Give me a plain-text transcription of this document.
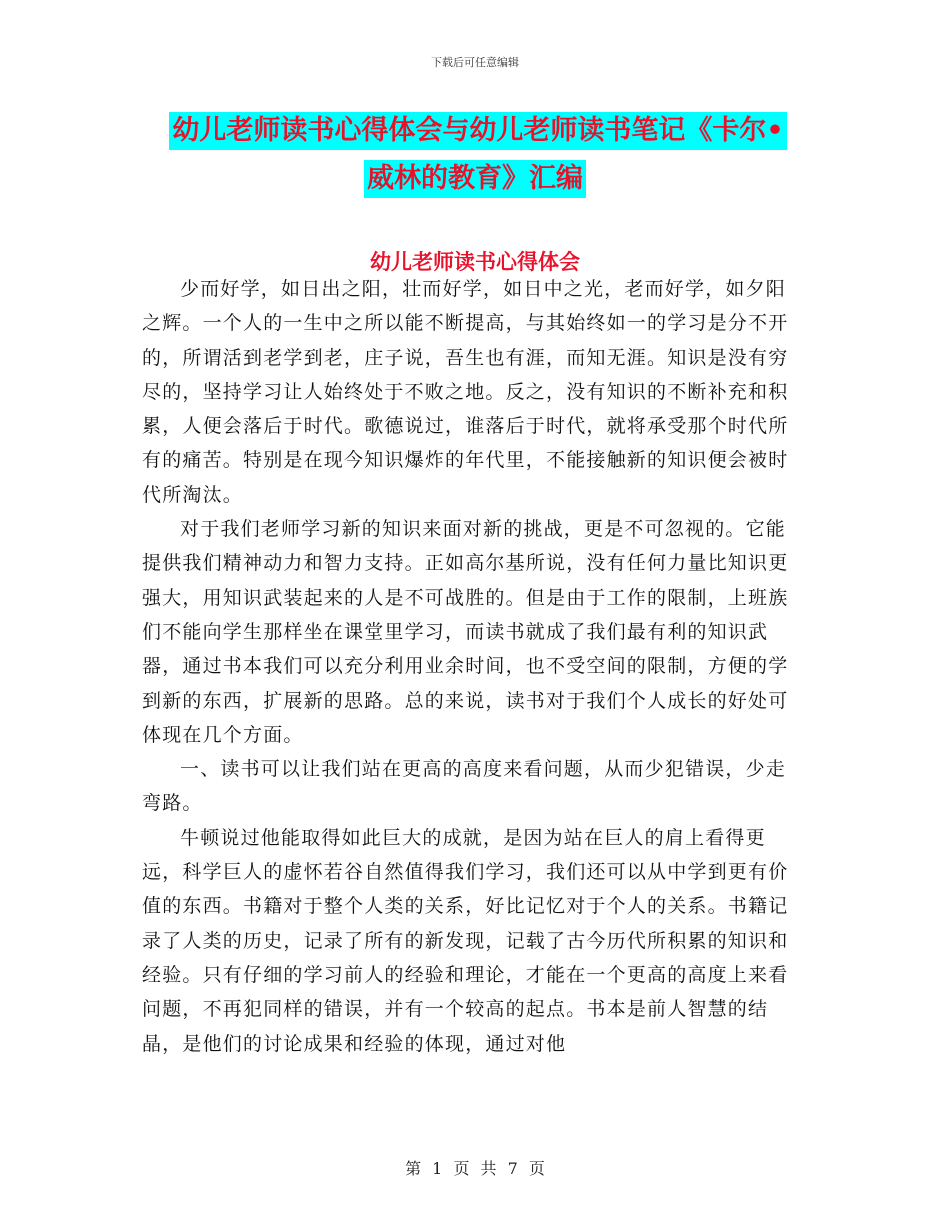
下载后可任意编辑
幼儿老师读书心得体会与幼儿老师读书笔记《卡尔•
威林的教育》汇编
幼儿老师读书心得体会

少而好学，如日出之阳，壮而好学，如日中之光，老而好学，如夕阳之辉。一个人的一生中之所以能不断提高，与其始终如一的学习是分不开的，所谓活到老学到老，庄子说，吾生也有涯，而知无涯。知识是没有穷尽的，坚持学习让人始终处于不败之地。反之，没有知识的不断补充和积累，人便会落后于时代。歌德说过，谁落后于时代，就将承受那个时代所有的痛苦。特别是在现今知识爆炸的年代里，不能接触新的知识便会被时代所淘汰。

对于我们老师学习新的知识来面对新的挑战，更是不可忽视的。它能提供我们精神动力和智力支持。正如高尔基所说，没有任何力量比知识更强大，用知识武装起来的人是不可战胜的。但是由于工作的限制，上班族们不能向学生那样坐在课堂里学习，而读书就成了我们最有利的知识武器，通过书本我们可以充分利用业余时间，也不受空间的限制，方便的学到新的东西，扩展新的思路。总的来说，读书对于我们个人成长的好处可体现在几个方面。

一、读书可以让我们站在更高的高度来看问题，从而少犯错误，少走弯路。

牛顿说过他能取得如此巨大的成就，是因为站在巨人的肩上看得更远，科学巨人的虚怀若谷自然值得我们学习，我们还可以从中学到更有价值的东西。书籍对于整个人类的关系，好比记忆对于个人的关系。书籍记录了人类的历史，记录了所有的新发现，记载了古今历代所积累的知识和经验。只有仔细的学习前人的经验和理论，才能在一个更高的高度上来看问题，不再犯同样的错误，并有一个较高的起点。书本是前人智慧的结晶，是他们的讨论成果和经验的体现，通过对他

第 1 页 共 7 页
